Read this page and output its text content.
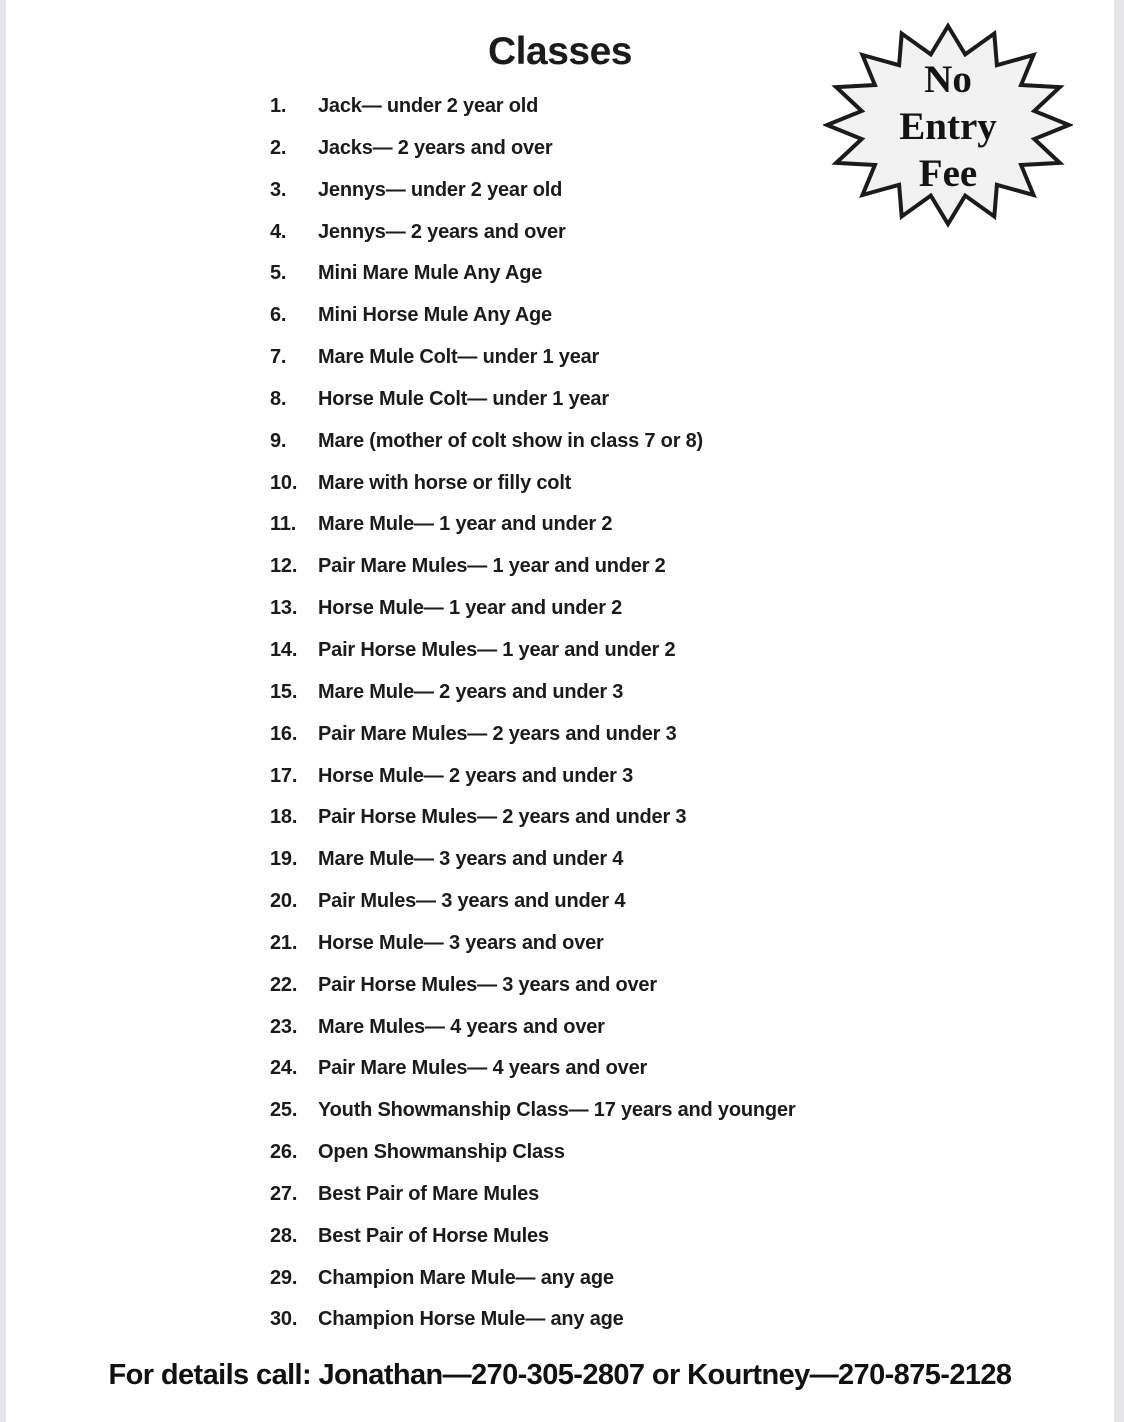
Classes
No
Entry
Fee
1.	Jack— under 2 year old
2.	Jacks— 2 years and over
3.	Jennys— under 2 year old
4.	Jennys— 2 years and over
5.	Mini Mare Mule Any Age
6.	Mini Horse Mule Any Age
7.	Mare Mule Colt— under 1 year
8.	Horse Mule Colt— under 1 year
9.	Mare (mother of colt show in class 7 or 8)
10.	Mare with horse or filly colt
11.	Mare Mule— 1 year and under 2
12.	Pair Mare Mules— 1 year and under 2
13.	Horse Mule— 1 year and under 2
14.	Pair Horse Mules— 1 year and under 2
15.	Mare Mule— 2 years and under 3
16.	Pair Mare Mules— 2 years and under 3
17.	Horse Mule— 2 years and under 3
18.	Pair Horse Mules— 2 years and under 3
19.	Mare Mule— 3 years and under 4
20.	Pair Mules— 3 years and under 4
21.	Horse Mule— 3 years and over
22.	Pair Horse Mules— 3 years and over
23.	Mare Mules— 4 years and over
24.	Pair Mare Mules— 4 years and over
25.	Youth Showmanship Class— 17 years and younger
26.	Open Showmanship Class
27.	Best Pair of Mare Mules
28.	Best Pair of Horse Mules
29.	Champion Mare Mule— any age
30.	Champion Horse Mule— any age
For details call: Jonathan—270-305-2807 or Kourtney—270-875-2128
